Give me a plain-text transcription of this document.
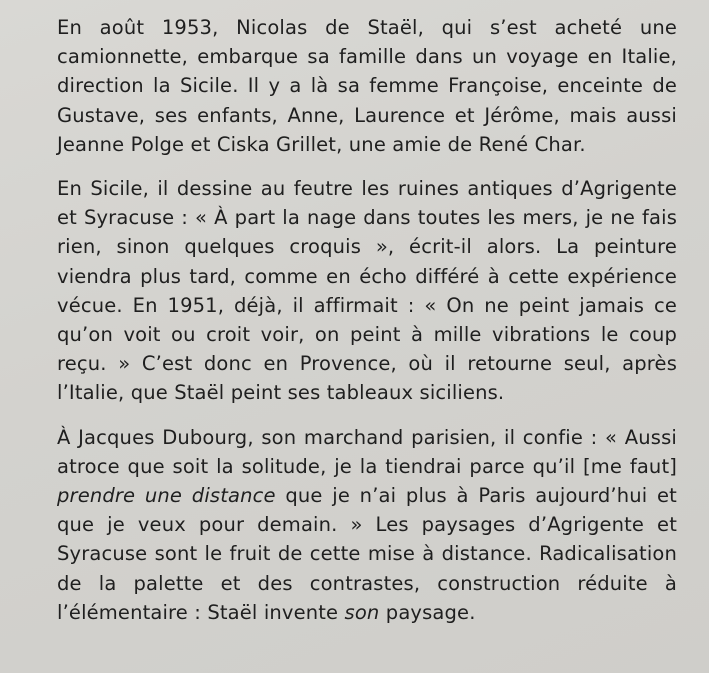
En août 1953, Nicolas de Staël, qui s’est acheté une camionnette, embarque sa famille dans un voyage en Italie, direction la Sicile. Il y a là sa femme Françoise, enceinte de Gustave, ses enfants, Anne, Laurence et Jérôme, mais aussi Jeanne Polge et Ciska Grillet, une amie de René Char.

En Sicile, il dessine au feutre les ruines antiques d’Agrigente et Syracuse : « À part la nage dans toutes les mers, je ne fais rien, sinon quelques croquis », écrit-il alors. La peinture viendra plus tard, comme en écho différé à cette expérience vécue. En 1951, déjà, il affirmait : « On ne peint jamais ce qu’on voit ou croit voir, on peint à mille vibrations le coup reçu. » C’est donc en Provence, où il retourne seul, après l’Italie, que Staël peint ses tableaux siciliens.

À Jacques Dubourg, son marchand parisien, il confie : « Aussi atroce que soit la solitude, je la tiendrai parce qu’il [me faut] prendre une distance que je n’ai plus à Paris aujourd’hui et que je veux pour demain. » Les paysages d’Agrigente et Syracuse sont le fruit de cette mise à distance. Radicalisation de la palette et des contrastes, construction réduite à l’élémentaire : Staël invente son paysage.
